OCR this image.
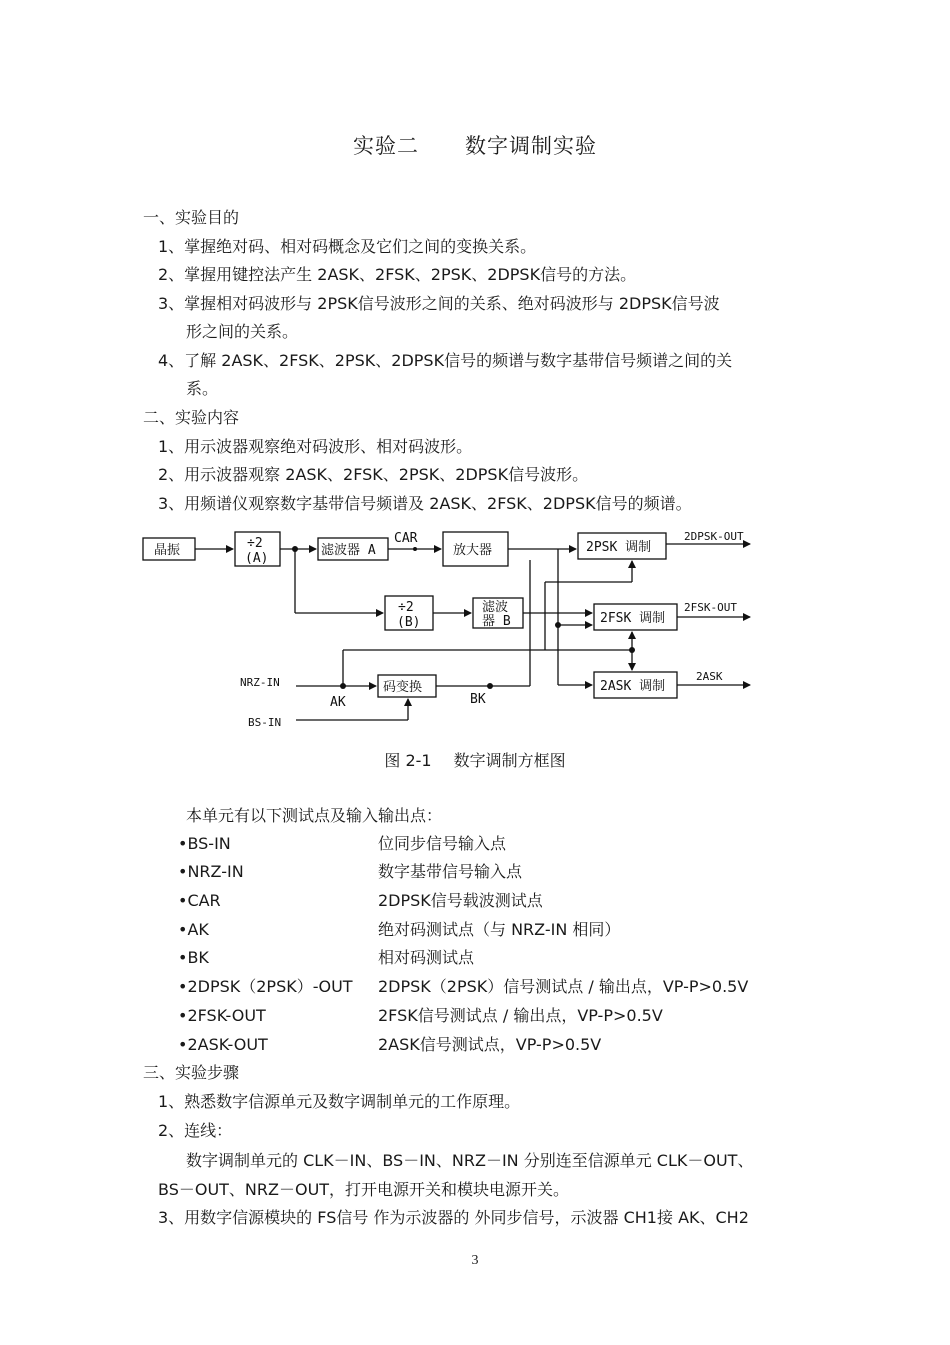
实验二 数字调制实验
一、实验目的
1、掌握绝对码、相对码概念及它们之间的变换关系。
2、掌握用键控法产生 2ASK、2FSK、2PSK、2DPSK信号的方法。
3、掌握相对码波形与 2PSK信号波形之间的关系、绝对码波形与 2DPSK信号波
形之间的关系。
4、了解 2ASK、2FSK、2PSK、2DPSK信号的频谱与数字基带信号频谱之间的关
系。
二、实验内容
1、用示波器观察绝对码波形、相对码波形。
2、用示波器观察 2ASK、2FSK、2PSK、2DPSK信号波形。
3、用频谱仪观察数字基带信号频谱及 2ASK、2FSK、2DPSK信号的频谱。
晶振	÷2
(A)
滤波器 A
CAR
放大器	2PSK 调制
2DPSK-OUT
÷2
(B)
滤波
器 B	2FSK 调制
2FSK-OUT
NRZ-IN	码变换	2ASK 调制
2ASK
AK	BK
BS-IN
图 2-1 数字调制方框图
本单元有以下测试点及输入输出点：
•BS-IN	位同步信号输入点
•NRZ-IN	数字基带信号输入点
•CAR	2DPSK信号载波测试点
•AK	绝对码测试点（与 NRZ-IN 相同）
•BK	相对码测试点
•2DPSK（2PSK）-OUT 2DPSK（2PSK）信号测试点 / 输出点，VP-P>0.5V
•2FSK-OUT	2FSK信号测试点 / 输出点，VP-P>0.5V
•2ASK-OUT	2ASK信号测试点，VP-P>0.5V
三、实验步骤
1、熟悉数字信源单元及数字调制单元的工作原理。
2、连线：
数字调制单元的 CLK－IN、BS－IN、NRZ－IN 分别连至信源单元 CLK－OUT、
BS－OUT、NRZ－OUT，打开电源开关和模块电源开关。
3、用数字信源模块的 FS信号 作为示波器的 外同步信号，示波器 CH1接 AK、CH2
3
